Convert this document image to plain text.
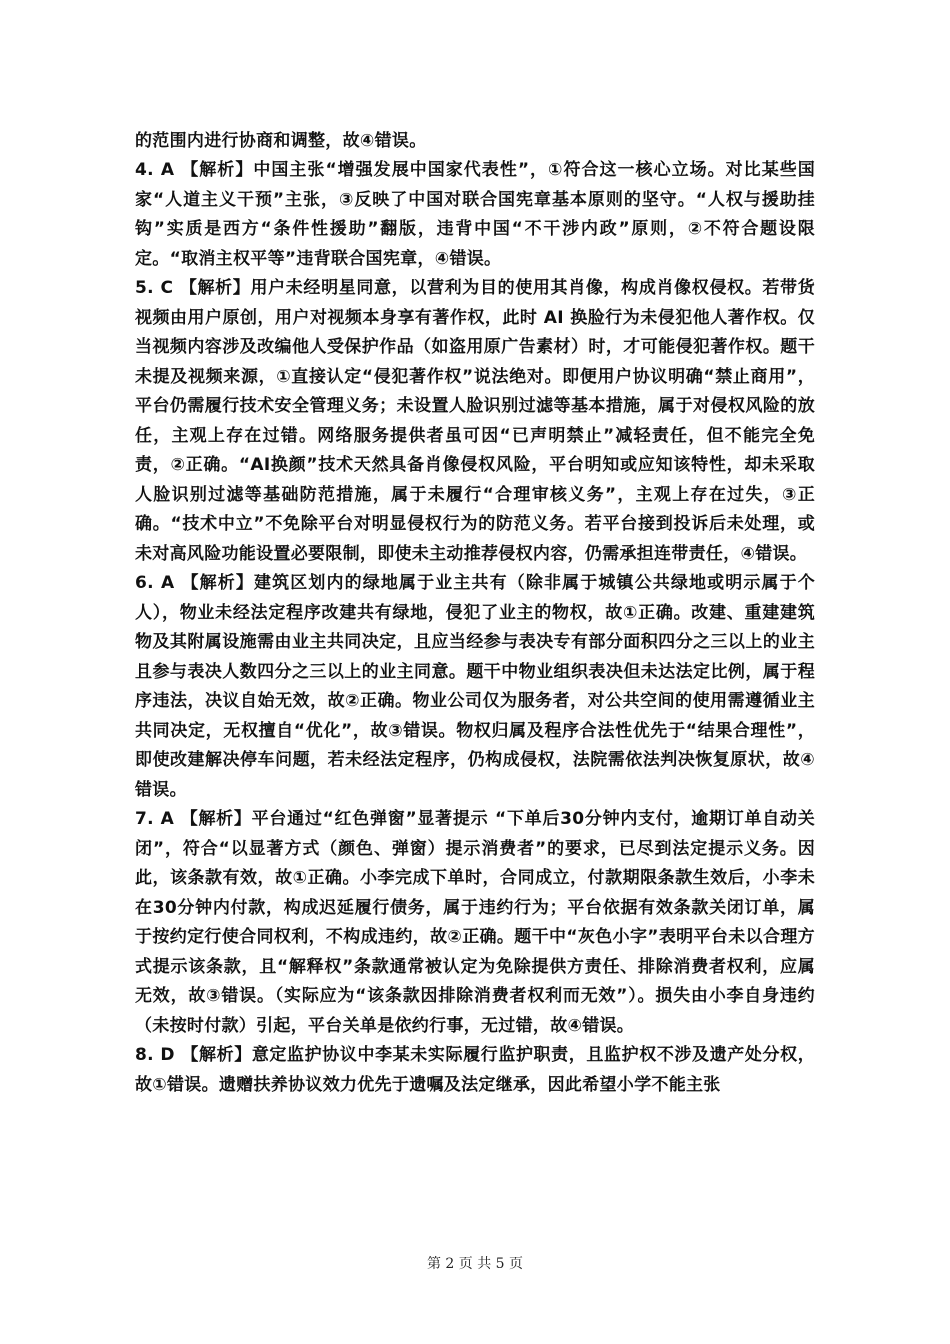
的范围内进行协商和调整，故④错误。
4. A 【解析】中国主张“增强发展中国家代表性”，①符合这一核心立场。对比某些国家“人道主义干预”主张，③反映了中国对联合国宪章基本原则的坚守。“人权与援助挂钩”实质是西方“条件性援助”翻版，违背中国“不干涉内政”原则，②不符合题设限定。“取消主权平等”违背联合国宪章，④错误。
5. C 【解析】用户未经明星同意，以营利为目的使用其肖像，构成肖像权侵权。若带货视频由用户原创，用户对视频本身享有著作权，此时 AI 换脸行为未侵犯他人著作权。仅当视频内容涉及改编他人受保护作品（如盗用原广告素材）时，才可能侵犯著作权。题干未提及视频来源，①直接认定“侵犯著作权”说法绝对。即便用户协议明确“禁止商用”，平台仍需履行技术安全管理义务；未设置人脸识别过滤等基本措施，属于对侵权风险的放任，主观上存在过错。网络服务提供者虽可因“已声明禁止”减轻责任，但不能完全免责，②正确。“AI换颜”技术天然具备肖像侵权风险，平台明知或应知该特性，却未采取人脸识别过滤等基础防范措施，属于未履行“合理审核义务”，主观上存在过失，③正确。“技术中立”不免除平台对明显侵权行为的防范义务。若平台接到投诉后未处理，或未对高风险功能设置必要限制，即使未主动推荐侵权内容，仍需承担连带责任，④错误。
6. A 【解析】建筑区划内的绿地属于业主共有（除非属于城镇公共绿地或明示属于个人），物业未经法定程序改建共有绿地，侵犯了业主的物权，故①正确。改建、重建建筑物及其附属设施需由业主共同决定，且应当经参与表决专有部分面积四分之三以上的业主且参与表决人数四分之三以上的业主同意。题干中物业组织表决但未达法定比例，属于程序违法，决议自始无效，故②正确。物业公司仅为服务者，对公共空间的使用需遵循业主共同决定，无权擅自“优化”，故③错误。物权归属及程序合法性优先于“结果合理性”，即使改建解决停车问题，若未经法定程序，仍构成侵权，法院需依法判决恢复原状，故④错误。
7. A 【解析】平台通过“红色弹窗”显著提示 “下单后30分钟内支付，逾期订单自动关闭”，符合“以显著方式（颜色、弹窗）提示消费者”的要求，已尽到法定提示义务。因此，该条款有效，故①正确。小李完成下单时，合同成立，付款期限条款生效后，小李未在30分钟内付款，构成迟延履行债务，属于违约行为；平台依据有效条款关闭订单，属于按约定行使合同权利，不构成违约，故②正确。题干中“灰色小字”表明平台未以合理方式提示该条款，且“解释权”条款通常被认定为免除提供方责任、排除消费者权利，应属无效，故③错误。（实际应为“该条款因排除消费者权利而无效”）。损失由小李自身违约（未按时付款）引起，平台关单是依约行事，无过错，故④错误。
8. D 【解析】意定监护协议中李某未实际履行监护职责，且监护权不涉及遗产处分权，故①错误。遗赠扶养协议效力优先于遗嘱及法定继承，因此希望小学不能主张
第 2 页 共 5 页
